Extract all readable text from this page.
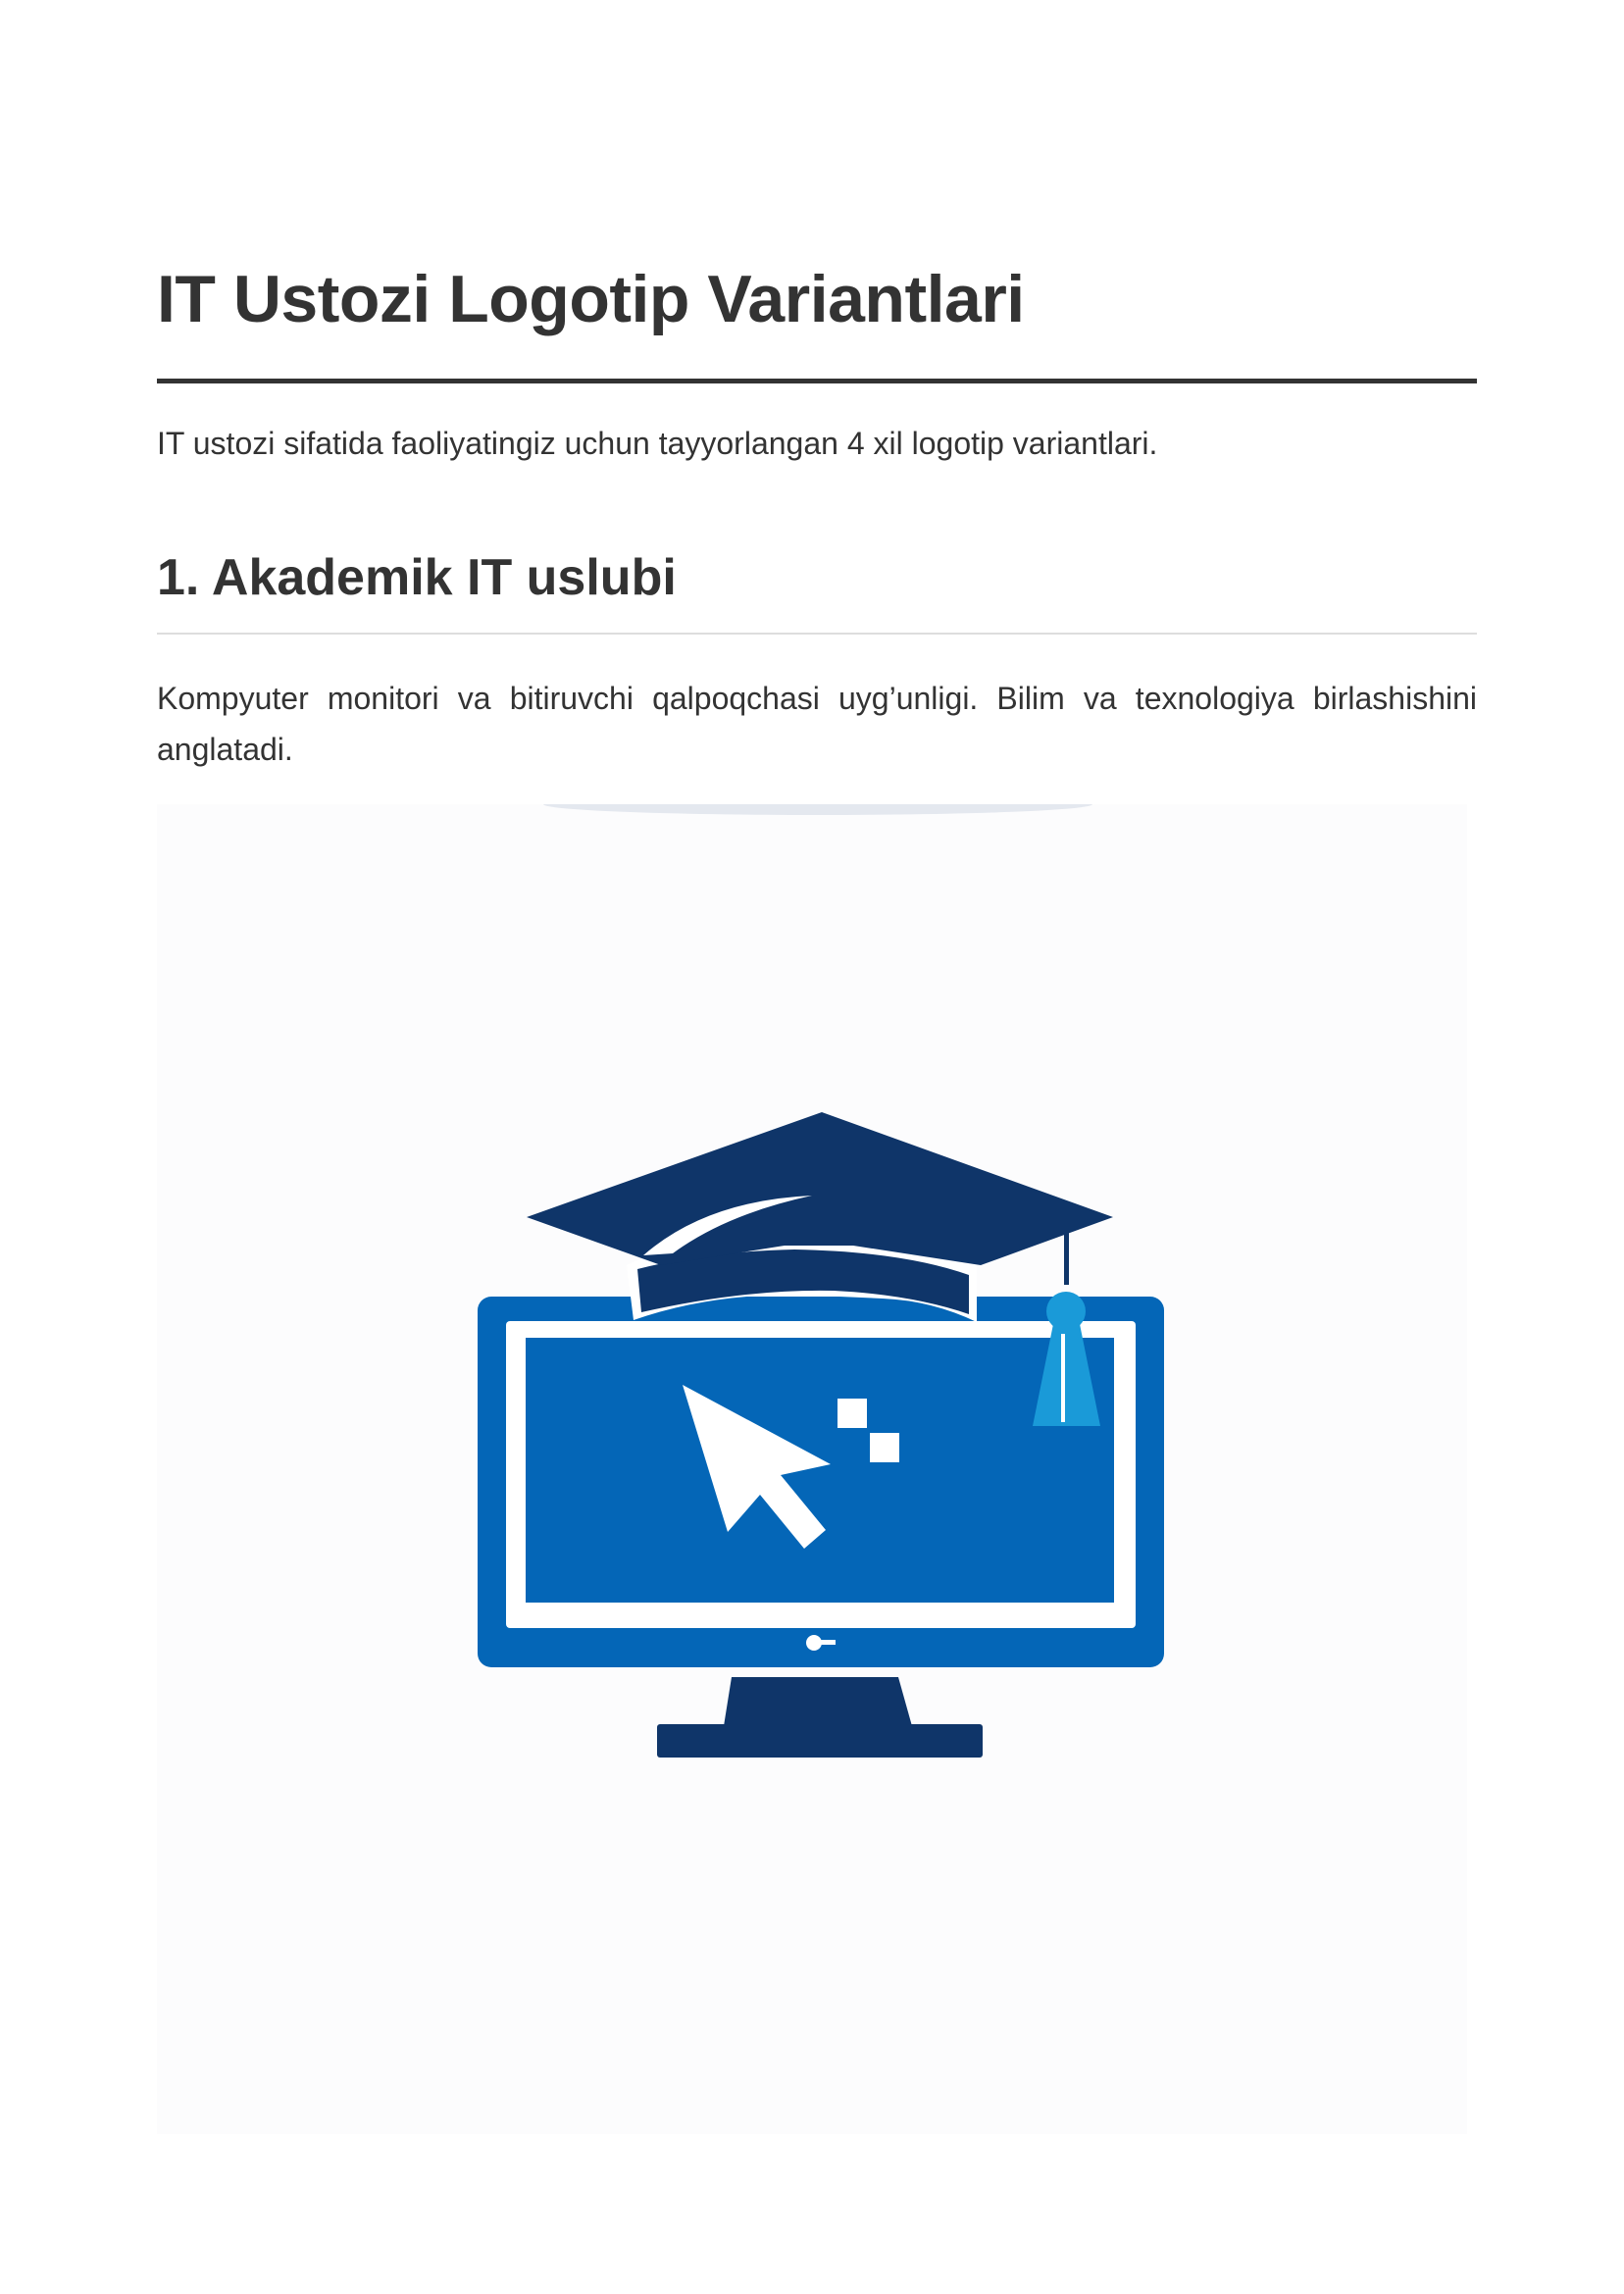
IT Ustozi Logotip Variantlari

IT ustozi sifatida faoliyatingiz uchun tayyorlangan 4 xil logotip variantlari.

1. Akademik IT uslubi

Kompyuter monitori va bitiruvchi qalpoqchasi uyg’unligi. Bilim va texnologiya birlashishini anglatadi.
